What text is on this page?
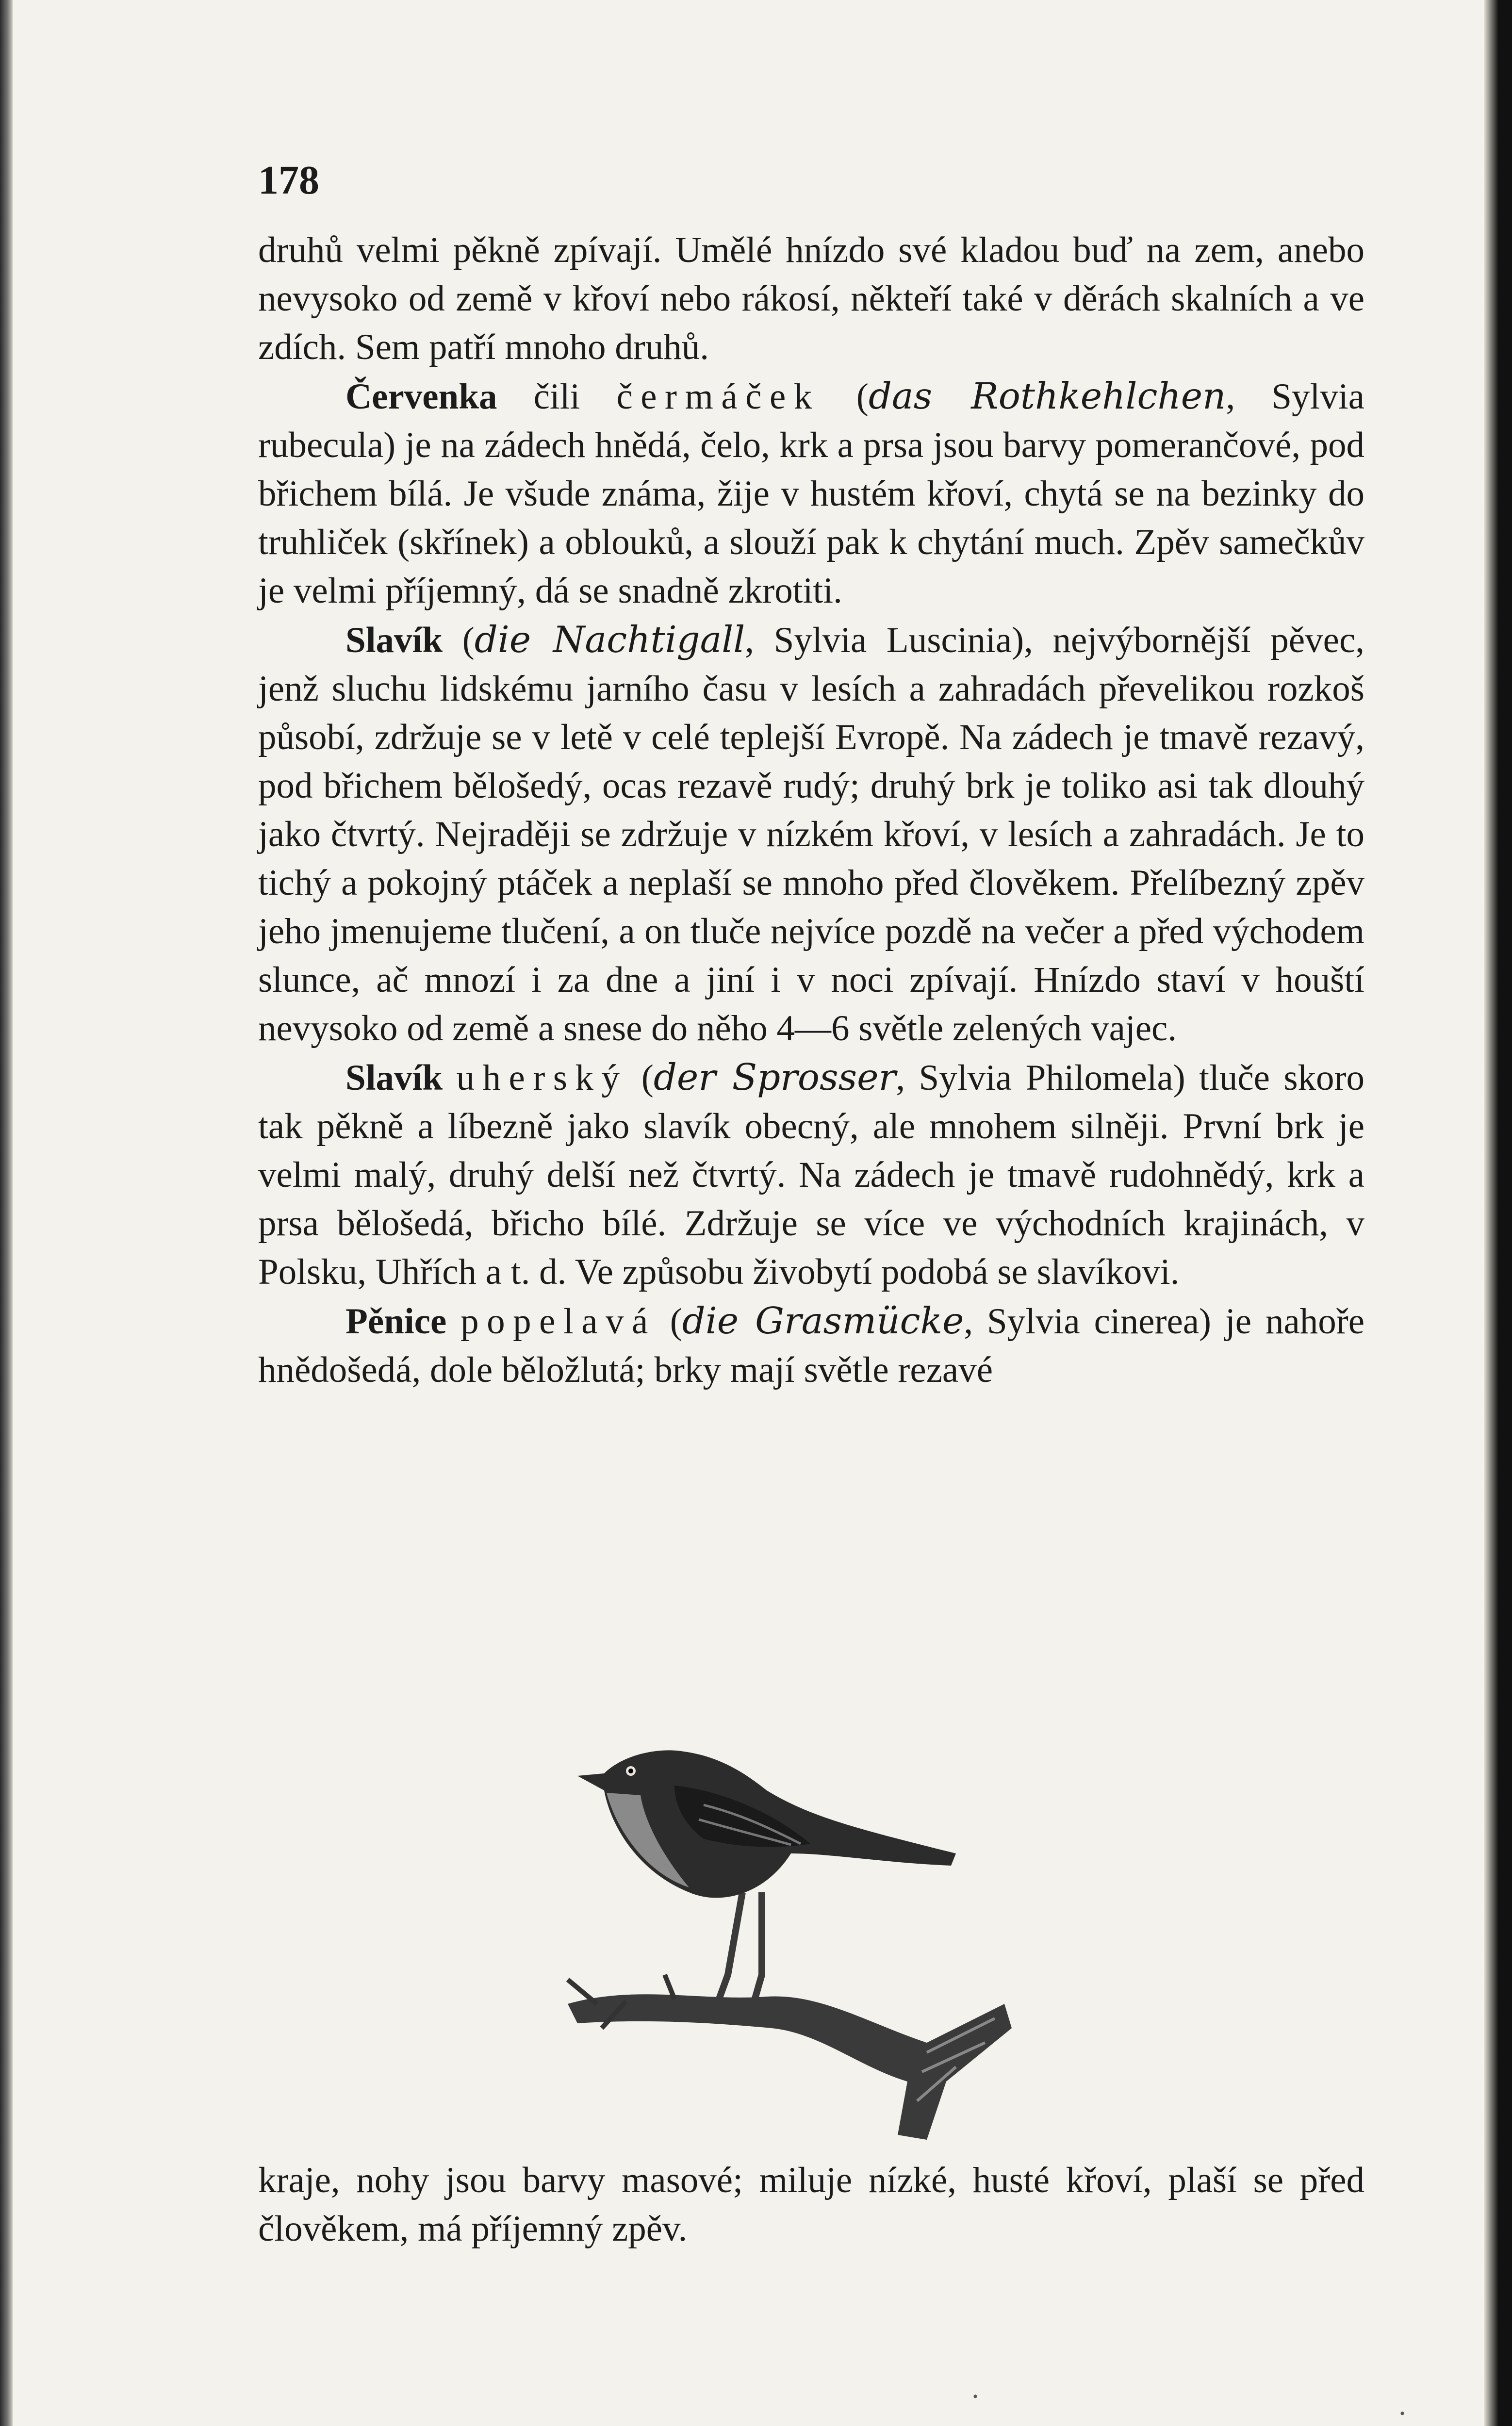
178

druhů velmi pěkně zpívají. Umělé hnízdo své kladou buď na zem, anebo nevysoko od země v křoví nebo rákosí, někteří také v děrách skalních a ve zdích. Sem patří mnoho druhů.

Červenka čili čermáček (das Rothkehlchen, Sylvia rubecula) je na zádech hnědá, čelo, krk a prsa jsou barvy pomerančové, pod břichem bílá. Je všude známa, žije v hustém křoví, chytá se na bezinky do truhliček (skřínek) a oblouků, a slouží pak k chytání much. Zpěv samečkův je velmi příjemný, dá se snadně zkrotiti.

Slavík (die Nachtigall, Sylvia Luscinia), nejvýbornější pěvec, jenž sluchu lidskému jarního času v lesích a zahradách převelikou rozkoš působí, zdržuje se v letě v celé teplejší Evropě. Na zádech je tmavě rezavý, pod břichem bělošedý, ocas rezavě rudý; druhý brk je toliko asi tak dlouhý jako čtvrtý. Nejraději se zdržuje v nízkém křoví, v lesích a zahradách. Je to tichý a pokojný ptáček a neplaší se mnoho před člověkem. Přelíbezný zpěv jeho jmenujeme tlučení, a on tluče nejvíce pozdě na večer a před východem slunce, ač mnozí i za dne a jiní i v noci zpívají. Hnízdo staví v houští nevysoko od země a snese do něho 4—6 světle zelených vajec.

Slavík uherský (der Sprosser, Sylvia Philomela) tluče skoro tak pěkně a líbezně jako slavík obecný, ale mnohem silněji. První brk je velmi malý, druhý delší než čtvrtý. Na zádech je tmavě rudohnědý, krk a prsa bělošedá, břicho bílé. Zdržuje se více ve východních krajinách, v Polsku, Uhřích a t. d. Ve způsobu živobytí podobá se slavíkovi.

Pěnice popelavá (die Grasmücke, Sylvia cinerea) je nahoře hnědošedá, dole běložlutá; brky mají světle rezavé

kraje, nohy jsou barvy masové; miluje nízké, husté křoví, plaší se před člověkem, má příjemný zpěv.

·
·
